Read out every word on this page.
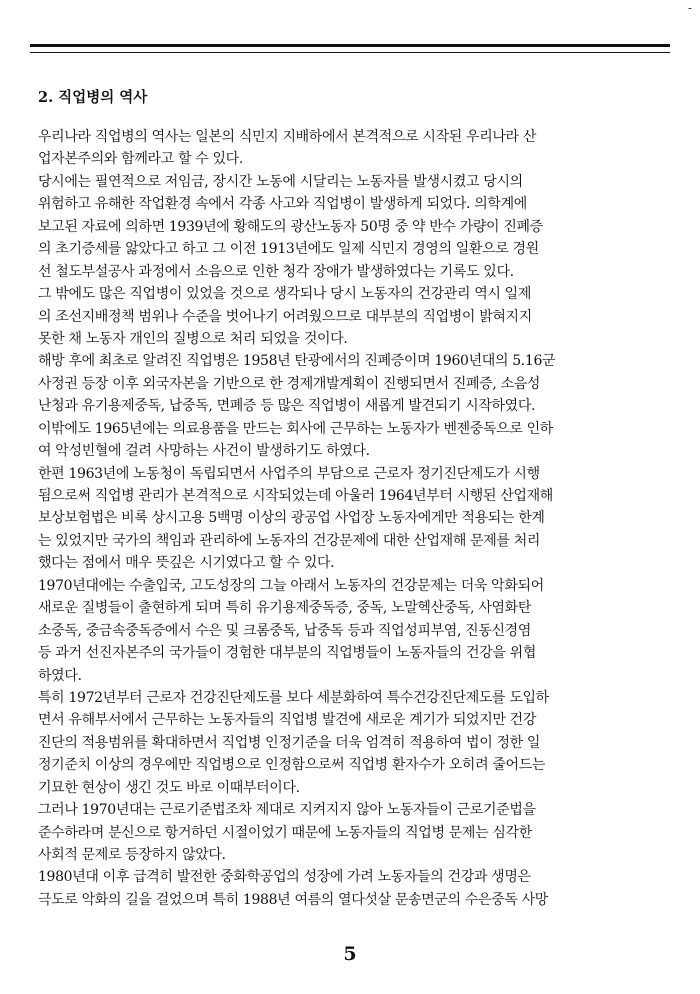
-
2. 직업병의 역사
우리나라 직업병의 역사는 일본의 식민지 지배하에서 본격적으로 시작된 우리나라 산
업자본주의와 함께라고 할 수 있다.
당시에는 필연적으로 저임금, 장시간 노동에 시달리는 노동자를 발생시켰고 당시의
위험하고 유해한 작업환경 속에서 각종 사고와 직업병이 발생하게 되었다. 의학계에
보고된 자료에 의하면 1939년에 황해도의 광산노동자 50명 중 약 반수 가량이 진폐증
의 초기증세를 앓았다고 하고 그 이전 1913년에도 일제 식민지 경영의 일환으로 경원
선 철도부설공사 과정에서 소음으로 인한 청각 장애가 발생하였다는 기록도 있다.
그 밖에도 많은 직업병이 있었을 것으로 생각되나 당시 노동자의 건강관리 역시 일제
의 조선지배정책 범위나 수준을 벗어나기 어려웠으므로 대부분의 직업병이 밝혀지지
못한 채 노동자 개인의 질병으로 처리 되었을 것이다.
해방 후에 최초로 알려진 직업병은 1958년 탄광에서의 진폐증이며 1960년대의 5.16군
사정권 등장 이후 외국자본을 기반으로 한 경제개발계획이 진행되면서 진폐증, 소음성
난청과 유기용제중독, 납중독, 면폐증 등 많은 직업병이 새롭게 발견되기 시작하였다.
이밖에도 1965년에는 의료용품을 만드는 회사에 근무하는 노동자가 벤젠중독으로 인하
여 악성빈혈에 걸려 사망하는 사건이 발생하기도 하였다.
한편 1963년에 노동청이 독립되면서 사업주의 부담으로 근로자 정기진단제도가 시행
됨으로써 직업병 관리가 본격적으로 시작되었는데 아울러 1964년부터 시행된 산업재해
보상보험법은 비록 상시고용 5백명 이상의 광공업 사업장 노동자에게만 적용되는 한계
는 있었지만 국가의 책임과 관리하에 노동자의 건강문제에 대한 산업재해 문제를 처리
했다는 점에서 매우 뜻깊은 시기였다고 할 수 있다.
1970년대에는 수출입국, 고도성장의 그늘 아래서 노동자의 건강문제는 더욱 악화되어
새로운 질병들이 출현하게 되며 특히 유기용제중독증, 중독, 노말헥산중독, 사염화탄
소중독, 중금속중독증에서 수은 및 크롬중독, 납중독 등과 직업성피부염, 진동신경염
등 과거 선진자본주의 국가들이 경험한 대부분의 직업병들이 노동자들의 건강을 위협
하였다.
특히 1972년부터 근로자 건강진단제도를 보다 세분화하여 특수건강진단제도를 도입하
면서 유해부서에서 근무하는 노동자들의 직업병 발견에 새로운 계기가 되었지만 건강
진단의 적용범위를 확대하면서 직업병 인정기준을 더욱 엄격히 적용하여 법이 정한 일
정기준치 이상의 경우에만 직업병으로 인정함으로써 직업병 환자수가 오히려 줄어드는
기묘한 현상이 생긴 것도 바로 이때부터이다.
그러나 1970년대는 근로기준법조차 제대로 지켜지지 않아 노동자들이 근로기준법을
준수하라며 분신으로 항거하던 시절이었기 때문에 노동자들의 직업병 문제는 심각한
사회적 문제로 등장하지 않았다.
1980년대 이후 급격히 발전한 중화학공업의 성장에 가려 노동자들의 건강과 생명은
극도로 악화의 길을 걸었으며 특히 1988년 여름의 열다섯살 문송면군의 수은중독 사망
5
